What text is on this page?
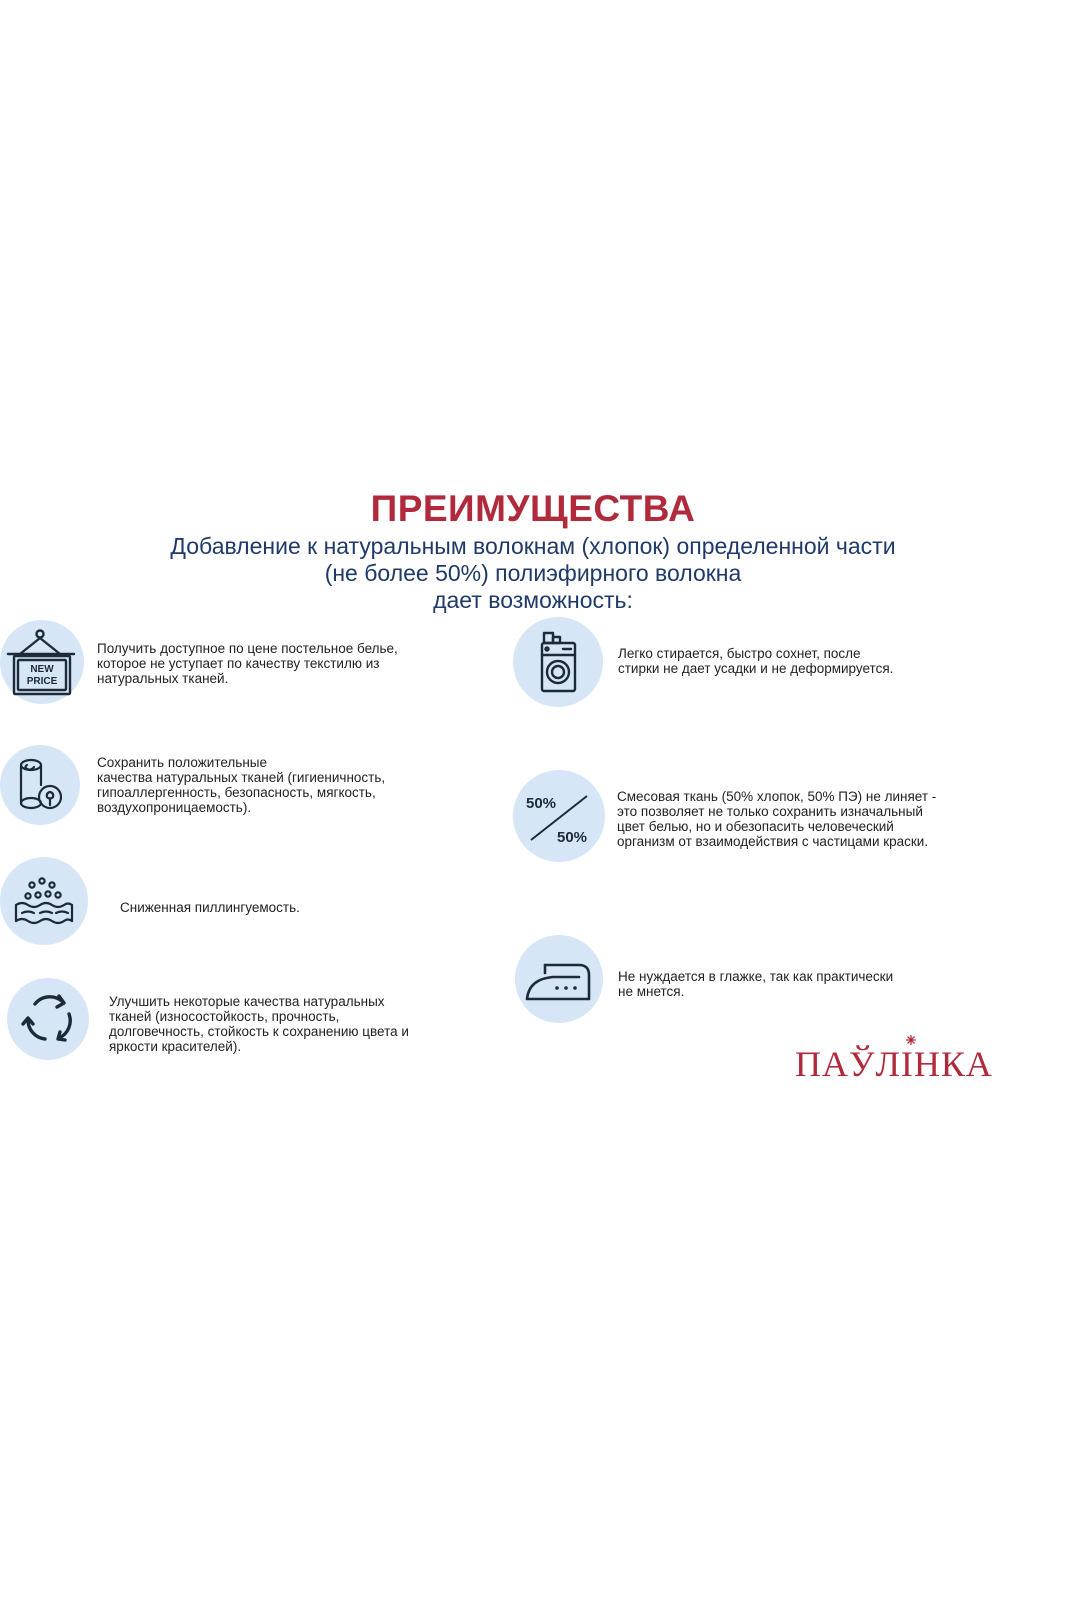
ПРЕИМУЩЕСТВА
Добавление к натуральным волокнам (хлопок) определенной части
(не более 50%) полиэфирного волокна
дает возможность:
NEW
PRICE
Получить доступное по цене постельное белье,
которое не уступает по качеству текстилю из
натуральных тканей.
Сохранить положительные
качества натуральных тканей (гигиеничность,
гипоаллергенность, безопасность, мягкость,
воздухопроницаемость).
Сниженная пиллингуемость.
Улучшить некоторые качества натуральных
тканей (износостойкость, прочность,
долговечность, стойкость к сохранению цвета и
яркости красителей).
Легко стирается, быстро сохнет, после
стирки не дает усадки и не деформируется.
50%
50%
Смесовая ткань (50% хлопок, 50% ПЭ) не линяет -
это позволяет не только сохранить изначальный
цвет белью, но и обезопасить человеческий
организм от взаимодействия с частицами краски.
Не нуждается в глажке, так как практически
не мнется.
ПАЎЛІНКА
